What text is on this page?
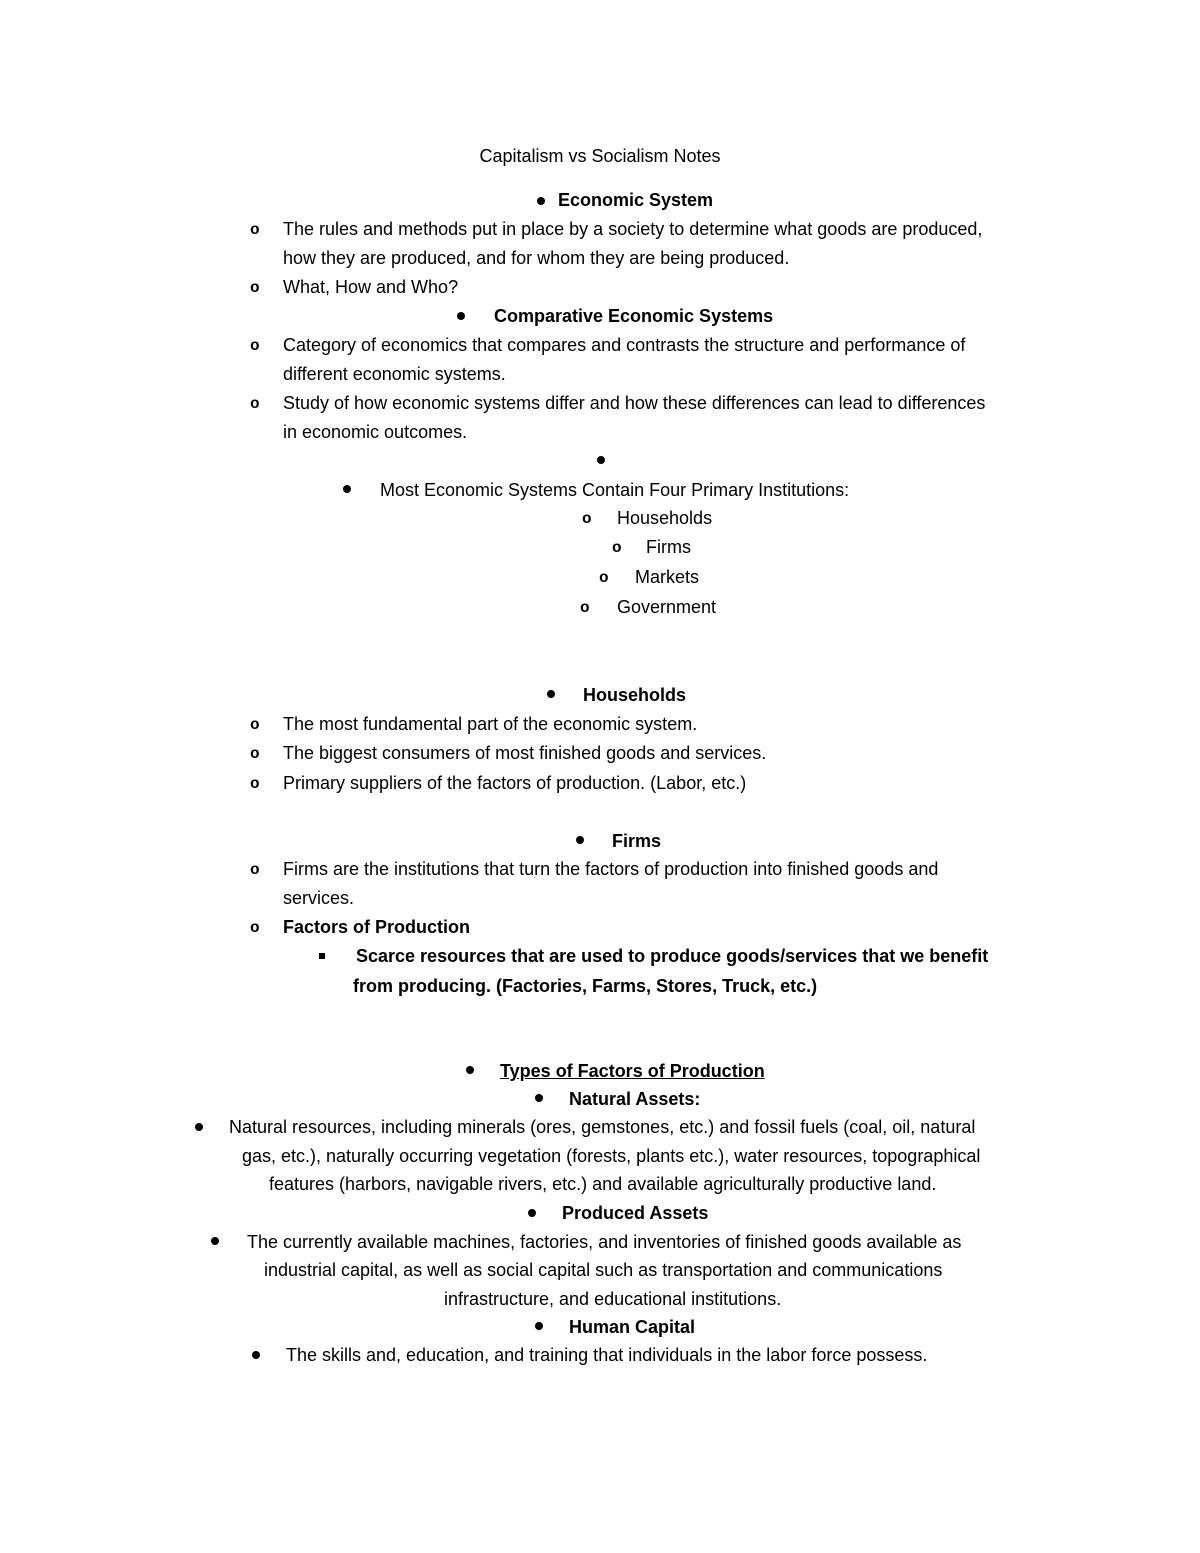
Capitalism vs Socialism Notes
Economic System
o The rules and methods put in place by a society to determine what goods are produced,
how they are produced, and for whom they are being produced.
o What, How and Who?
Comparative Economic Systems
o Category of economics that compares and contrasts the structure and performance of
different economic systems.
o Study of how economic systems differ and how these differences can lead to differences
in economic outcomes.
Most Economic Systems Contain Four Primary Institutions:
o Households
o Firms
o Markets
o Government
Households
o The most fundamental part of the economic system.
o The biggest consumers of most finished goods and services.
o Primary suppliers of the factors of production. (Labor, etc.)
Firms
o Firms are the institutions that turn the factors of production into finished goods and
services.
o Factors of Production
Scarce resources that are used to produce goods/services that we benefit
from producing. (Factories, Farms, Stores, Truck, etc.)
Types of Factors of Production
Natural Assets:
Natural resources, including minerals (ores, gemstones, etc.) and fossil fuels (coal, oil, natural
gas, etc.), naturally occurring vegetation (forests, plants etc.), water resources, topographical
features (harbors, navigable rivers, etc.) and available agriculturally productive land.
Produced Assets
The currently available machines, factories, and inventories of finished goods available as
industrial capital, as well as social capital such as transportation and communications
infrastructure, and educational institutions.
Human Capital
The skills and, education, and training that individuals in the labor force possess.
